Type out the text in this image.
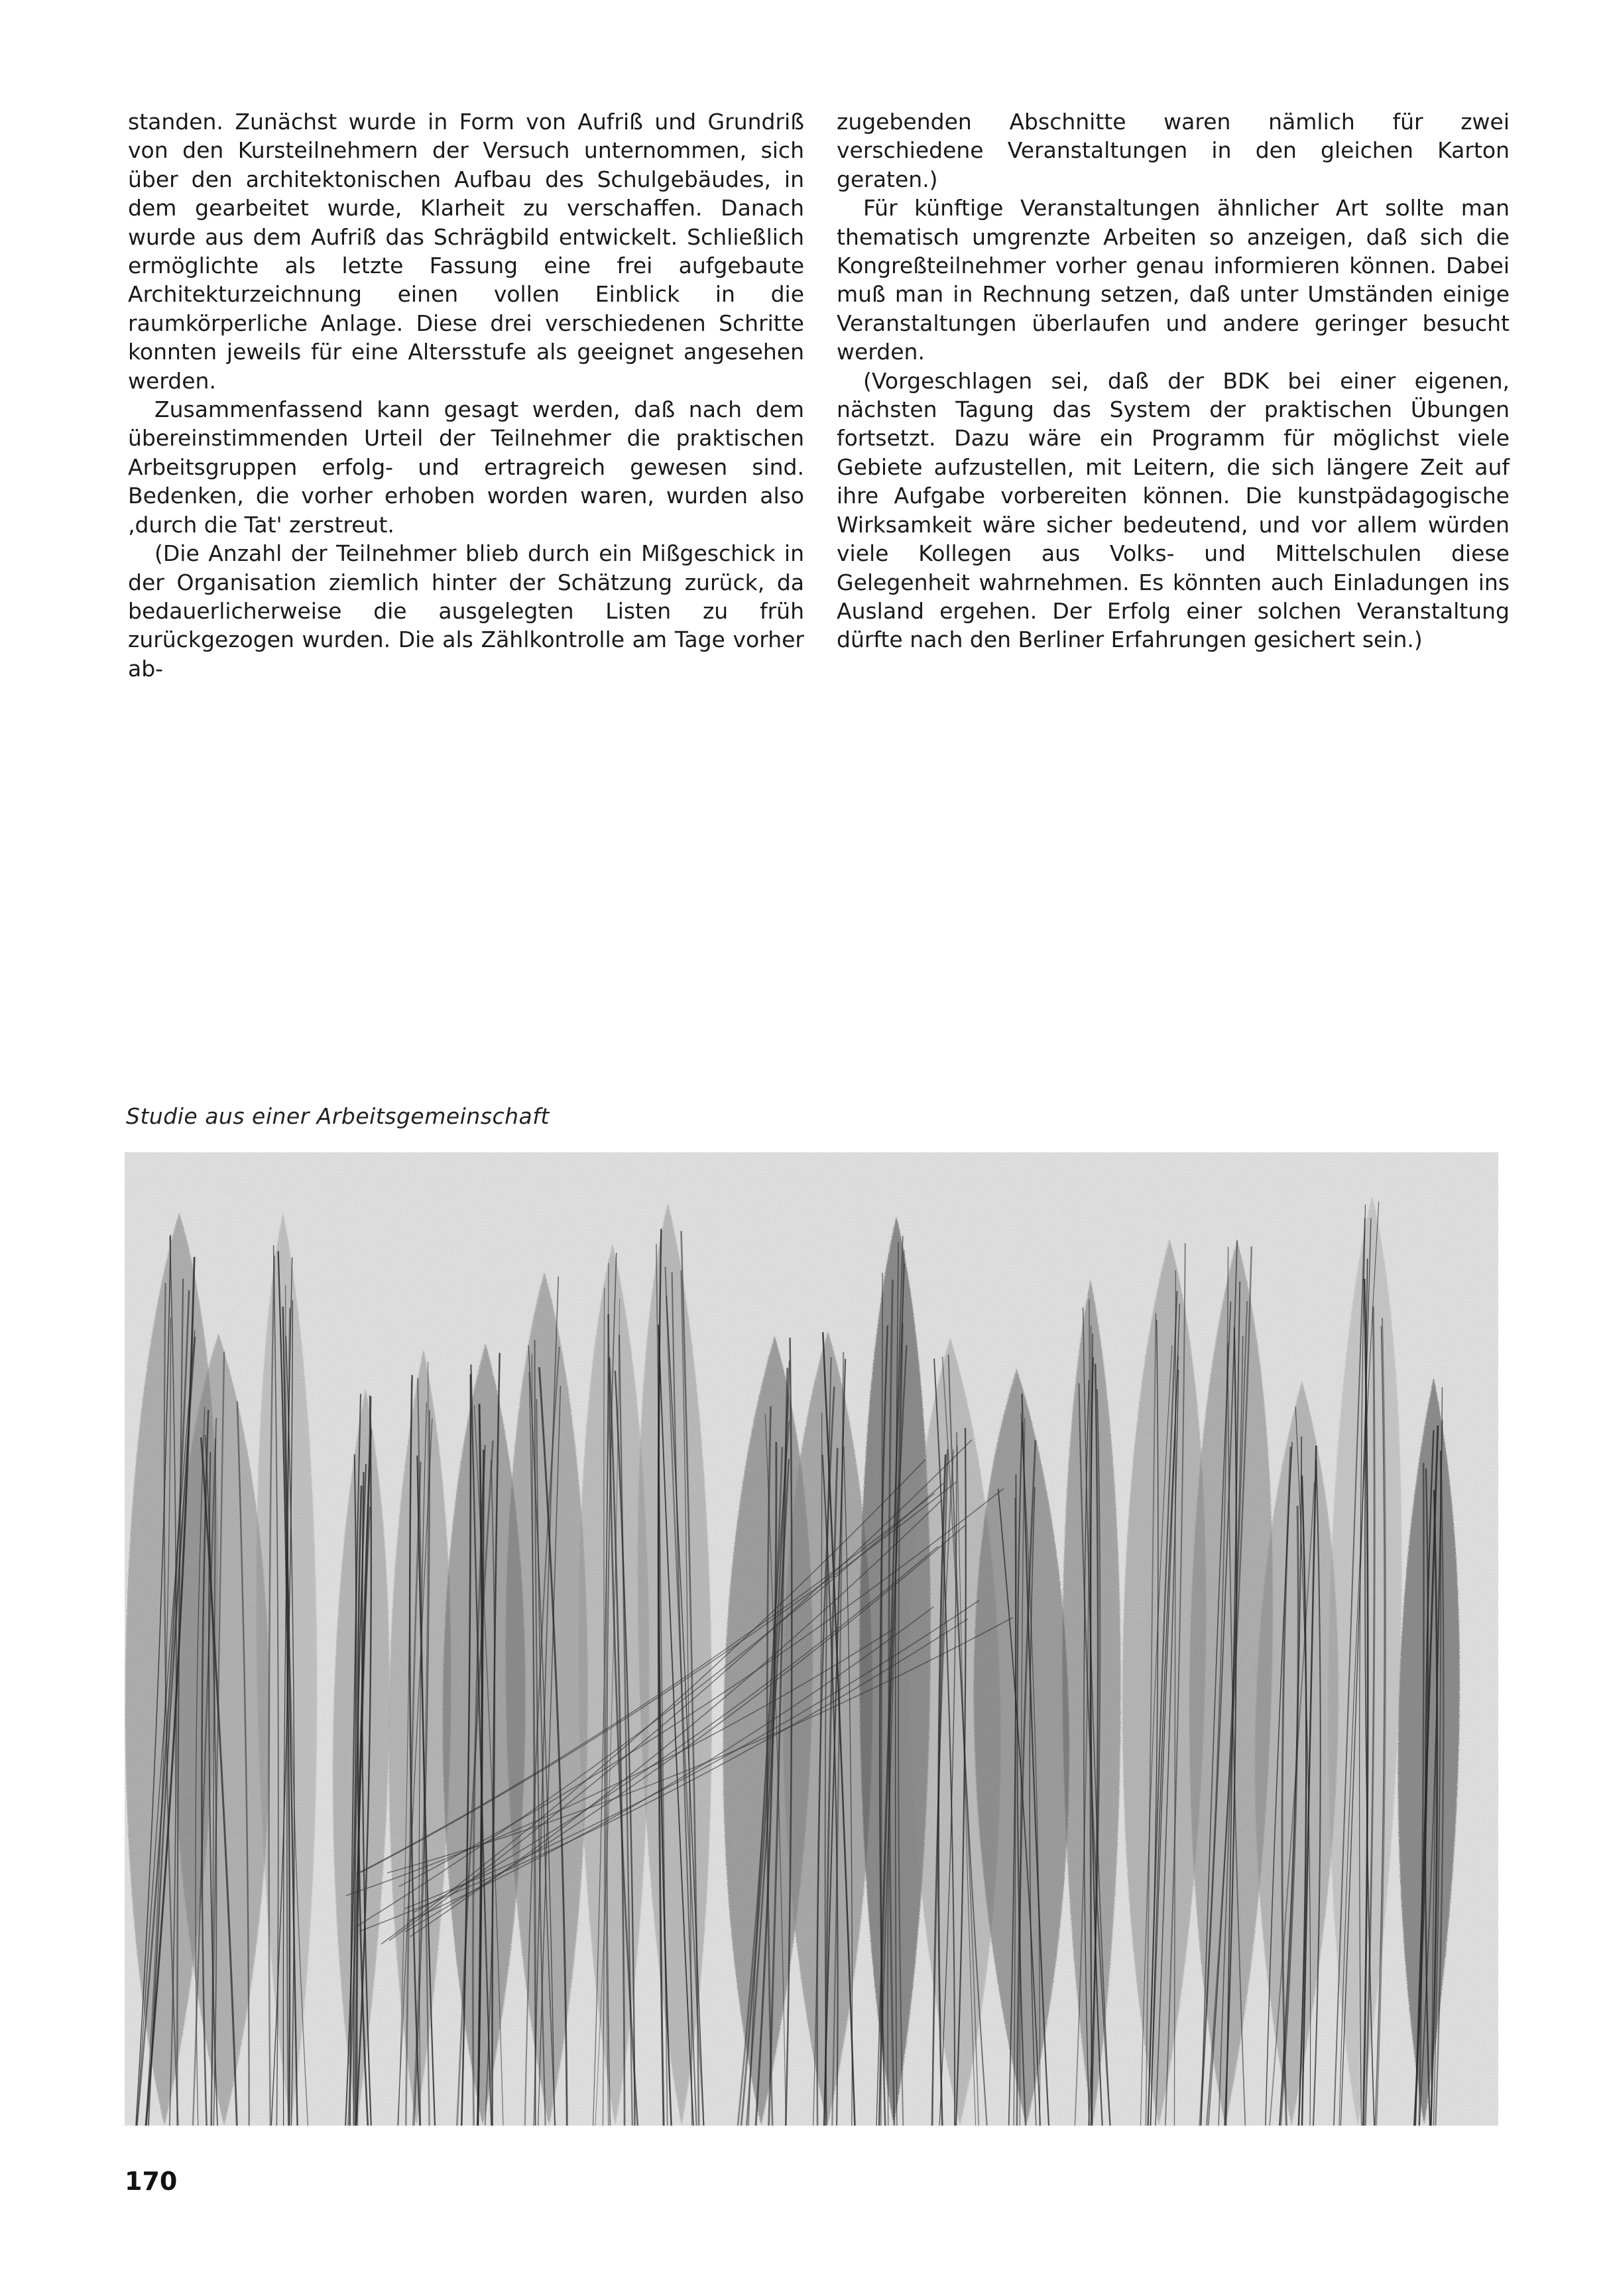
standen. Zunächst wurde in Form von Aufriß und Grundriß von den Kursteilnehmern der Versuch unternommen, sich über den architektonischen Aufbau des Schulgebäudes, in dem gearbeitet wurde, Klarheit zu verschaffen. Danach wurde aus dem Aufriß das Schrägbild entwickelt. Schließlich ermöglichte als letzte Fassung eine frei aufgebaute Architekturzeichnung einen vollen Einblick in die raumkörperliche Anlage. Diese drei verschiedenen Schritte konnten jeweils für eine Altersstufe als geeignet angesehen werden.

Zusammenfassend kann gesagt werden, daß nach dem übereinstimmenden Urteil der Teilnehmer die praktischen Arbeitsgruppen erfolg- und ertragreich gewesen sind. Bedenken, die vorher erhoben worden waren, wurden also ‚durch die Tat' zerstreut.

(Die Anzahl der Teilnehmer blieb durch ein Mißgeschick in der Organisation ziemlich hinter der Schätzung zurück, da bedauerlicherweise die ausgelegten Listen zu früh zurückgezogen wurden. Die als Zählkontrolle am Tage vorher ab-

zugebenden Abschnitte waren nämlich für zwei verschiedene Veranstaltungen in den gleichen Karton geraten.)

Für künftige Veranstaltungen ähnlicher Art sollte man thematisch umgrenzte Arbeiten so anzeigen, daß sich die Kongreßteilnehmer vorher genau informieren können. Dabei muß man in Rechnung setzen, daß unter Umständen einige Veranstaltungen überlaufen und andere geringer besucht werden.

(Vorgeschlagen sei, daß der BDK bei einer eigenen, nächsten Tagung das System der praktischen Übungen fortsetzt. Dazu wäre ein Programm für möglichst viele Gebiete aufzustellen, mit Leitern, die sich längere Zeit auf ihre Aufgabe vorbereiten können. Die kunstpädagogische Wirksamkeit wäre sicher bedeutend, und vor allem würden viele Kollegen aus Volks- und Mittelschulen diese Gelegenheit wahrnehmen. Es könnten auch Einladungen ins Ausland ergehen. Der Erfolg einer solchen Veranstaltung dürfte nach den Berliner Erfahrungen gesichert sein.)

Studie aus einer Arbeitsgemeinschaft
170
